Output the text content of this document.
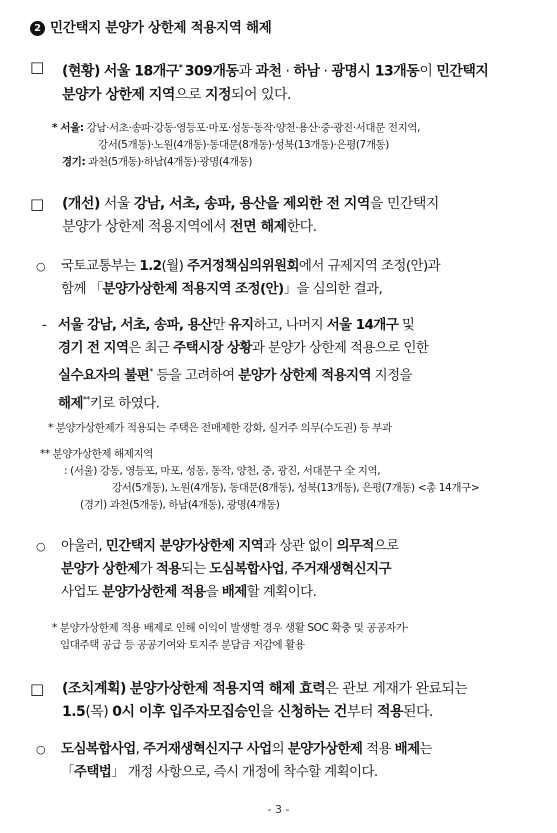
2 민간택지 분양가 상한제 적용지역 해제
□ (현황) 서울 18개구* 309개동과 과천 · 하남 · 광명시 13개동이 민간택지
분양가 상한제 지역으로 지정되어 있다.
* 서울: 강남·서초·송파·강동·영등포·마포·성동·동작·양천·용산·중·광진·서대문 전지역,
강서(5개동)·노원(4개동)·동대문(8개동)·성북(13개동)·은평(7개동)
경기: 과천(5개동)·하남(4개동)·광명(4개동)
□ (개선) 서울 강남, 서초, 송파, 용산을 제외한 전 지역을 민간택지
분양가 상한제 적용지역에서 전면 해제한다.
○ 국토교통부는 1.2(월) 주거정책심의위원회에서 규제지역 조정(안)과
함께 「분양가상한제 적용지역 조정(안)」을 심의한 결과,
- 서울 강남, 서초, 송파, 용산만 유지하고, 나머지 서울 14개구 및
경기 전 지역은 최근 주택시장 상황과 분양가 상한제 적용으로 인한
실수요자의 불편* 등을 고려하여 분양가 상한제 적용지역 지정을
해제**키로 하였다.
* 분양가상한제가 적용되는 주택은 전매제한 강화, 실거주 의무(수도권) 등 부과
** 분양가상한제 해제지역
: (서울) 강동, 영등포, 마포, 성동, 동작, 양천, 중, 광진, 서대문구 全 지역,
강서(5개동), 노원(4개동), 동대문(8개동), 성북(13개동), 은평(7개동) <총 14개구>
(경기) 과천(5개동), 하남(4개동), 광명(4개동)
○ 아울러, 민간택지 분양가상한제 지역과 상관 없이 의무적으로
분양가 상한제가 적용되는 도심복합사업, 주거재생혁신지구
사업도 분양가상한제 적용을 배제할 계획이다.
* 분양가상한제 적용 배제로 인해 이익이 발생할 경우 생활 SOC 확충 및 공공자가·
임대주택 공급 등 공공기여와 토지주 분담금 저감에 활용
□ (조치계획) 분양가상한제 적용지역 해제 효력은 관보 게재가 완료되는
1.5(목) 0시 이후 입주자모집승인을 신청하는 건부터 적용된다.
○ 도심복합사업, 주거재생혁신지구 사업의 분양가상한제 적용 배제는
「주택법」 개정 사항으로, 즉시 개정에 착수할 계획이다.
- 3 -
